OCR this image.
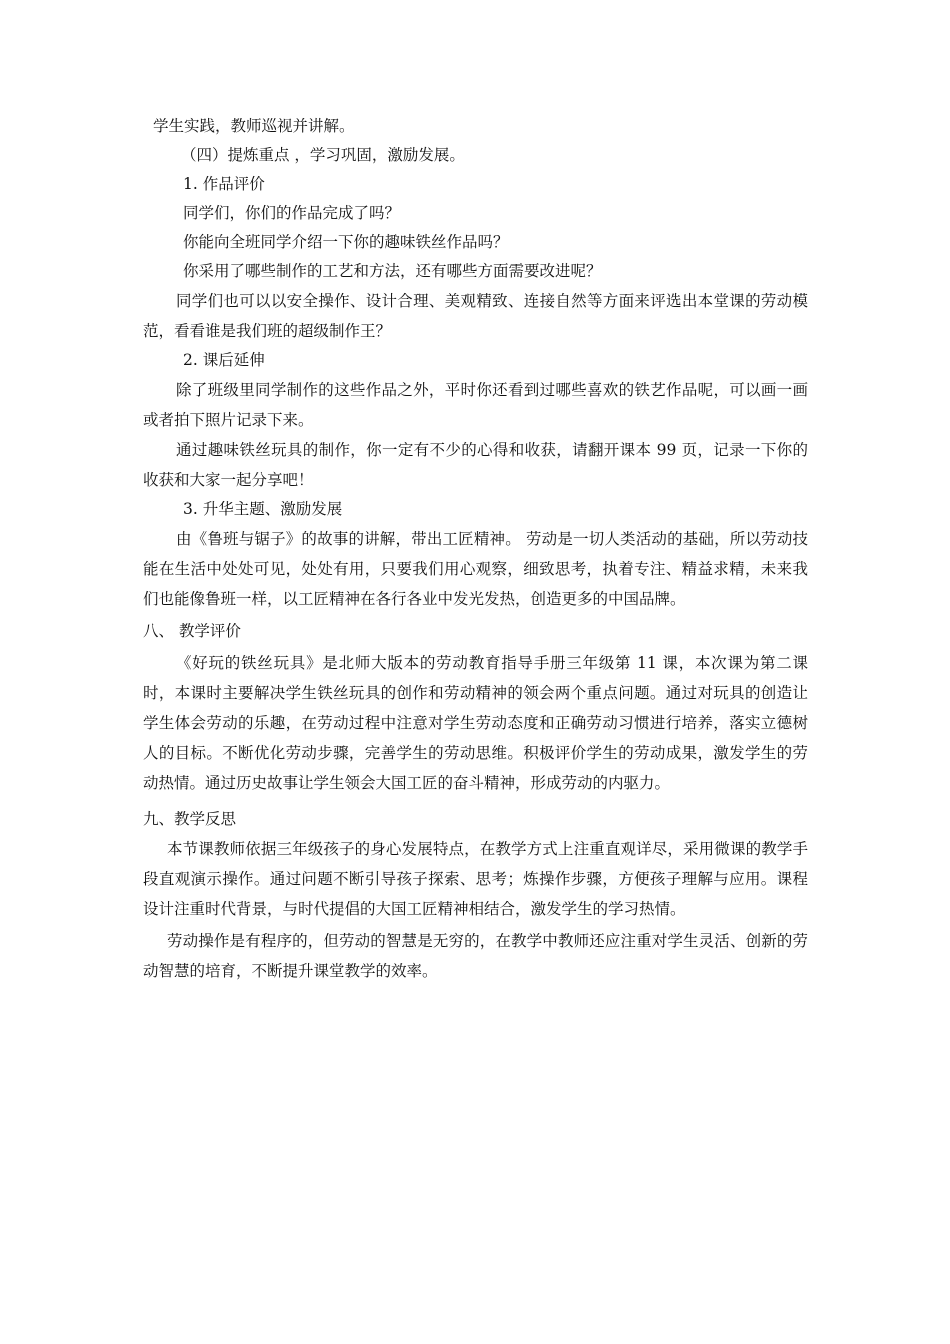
学生实践，教师巡视并讲解。

（四）提炼重点 ，学习巩固，激励发展。

1. 作品评价

同学们，你们的作品完成了吗？

你能向全班同学介绍一下你的趣味铁丝作品吗？

你采用了哪些制作的工艺和方法，还有哪些方面需要改进呢？

同学们也可以以安全操作、设计合理、美观精致、连接自然等方面来评选出本堂课的劳动模范，看看谁是我们班的超级制作王？

2. 课后延伸

除了班级里同学制作的这些作品之外，平时你还看到过哪些喜欢的铁艺作品呢，可以画一画或者拍下照片记录下来。

通过趣味铁丝玩具的制作，你一定有不少的心得和收获，请翻开课本 99 页，记录一下你的收获和大家一起分享吧！

3. 升华主题、激励发展

由《鲁班与锯子》的故事的讲解，带出工匠精神。 劳动是一切人类活动的基础，所以劳动技能在生活中处处可见，处处有用，只要我们用心观察，细致思考，执着专注、精益求精，未来我们也能像鲁班一样，以工匠精神在各行各业中发光发热，创造更多的中国品牌。

八、 教学评价

《好玩的铁丝玩具》是北师大版本的劳动教育指导手册三年级第 11 课，本次课为第二课时，本课时主要解决学生铁丝玩具的创作和劳动精神的领会两个重点问题。通过对玩具的创造让学生体会劳动的乐趣，在劳动过程中注意对学生劳动态度和正确劳动习惯进行培养，落实立德树人的目标。不断优化劳动步骤，完善学生的劳动思维。积极评价学生的劳动成果，激发学生的劳动热情。通过历史故事让学生领会大国工匠的奋斗精神，形成劳动的内驱力。

九、教学反思

本节课教师依据三年级孩子的身心发展特点，在教学方式上注重直观详尽，采用微课的教学手段直观演示操作。通过问题不断引导孩子探索、思考；炼操作步骤，方便孩子理解与应用。课程设计注重时代背景，与时代提倡的大国工匠精神相结合，激发学生的学习热情。

劳动操作是有程序的，但劳动的智慧是无穷的，在教学中教师还应注重对学生灵活、创新的劳动智慧的培育，不断提升课堂教学的效率。
